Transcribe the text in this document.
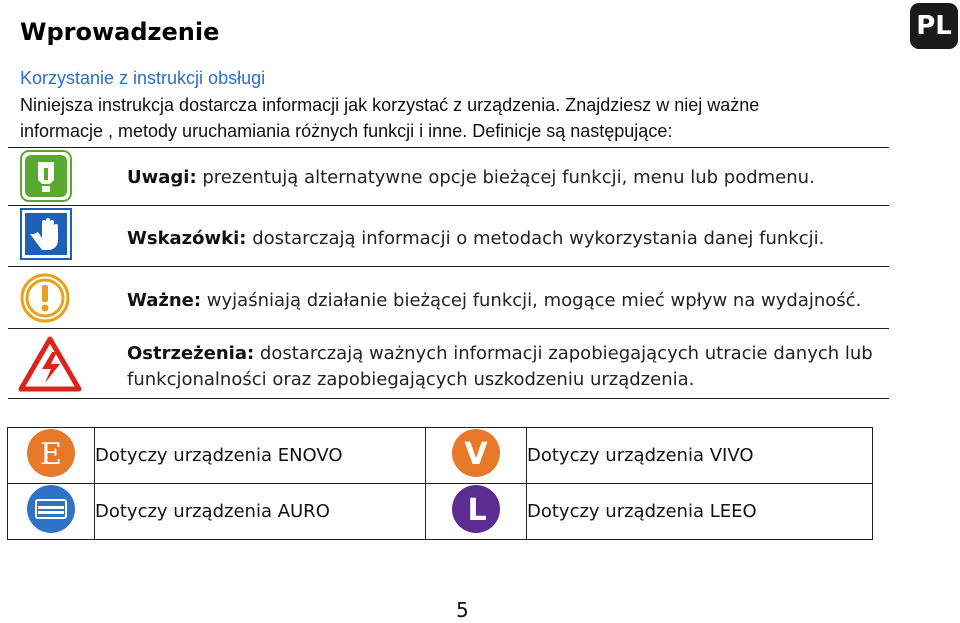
PL
Wprowadzenie
Korzystanie z instrukcji obsługi
Niniejsza instrukcja dostarcza informacji jak korzystać z urządzenia. Znajdziesz w niej ważne
informacje , metody uruchamiania różnych funkcji i inne. Definicje są następujące:
Uwagi: prezentują alternatywne opcje bieżącej funkcji, menu lub podmenu.
Wskazówki: dostarczają informacji o metodach wykorzystania danej funkcji.
Ważne: wyjaśniają działanie bieżącej funkcji, mogące mieć wpływ na wydajność.
Ostrzeżenia: dostarczają ważnych informacji zapobiegających utracie danych lub
funkcjonalności oraz zapobiegających uszkodzeniu urządzenia.
E	Dotyczy urządzenia ENOVO	V	Dotyczy urządzenia VIVO
	Dotyczy urządzenia AURO	L	Dotyczy urządzenia LEEO
5
